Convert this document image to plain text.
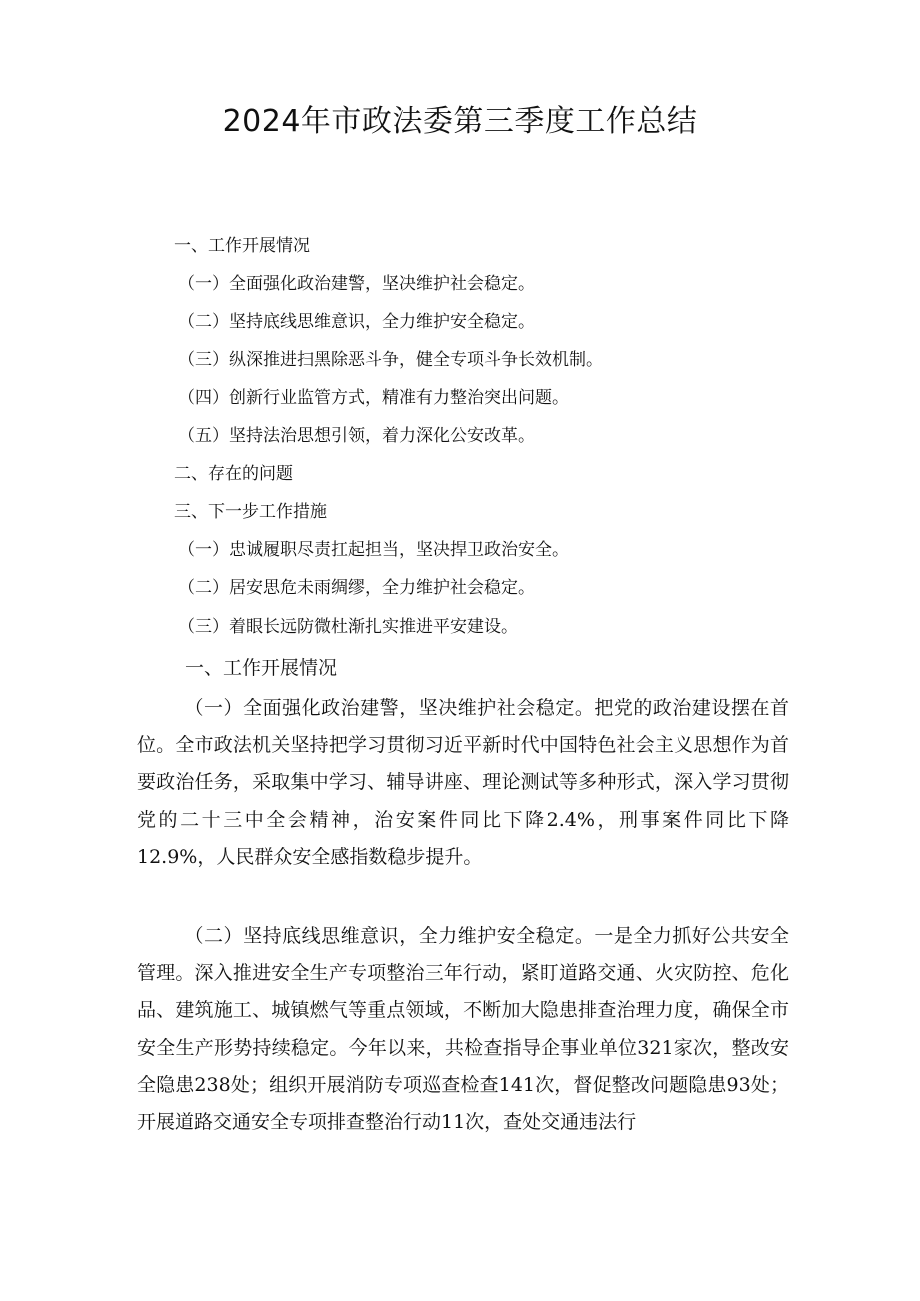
2024年市政法委第三季度工作总结
一、工作开展情况
（一）全面强化政治建警，坚决维护社会稳定。
（二）坚持底线思维意识，全力维护安全稳定。
（三）纵深推进扫黑除恶斗争，健全专项斗争长效机制。
（四）创新行业监管方式，精准有力整治突出问题。
（五）坚持法治思想引领，着力深化公安改革。
二、存在的问题
三、下一步工作措施
（一）忠诚履职尽责扛起担当，坚决捍卫政治安全。
（二）居安思危未雨绸缪，全力维护社会稳定。
（三）着眼长远防微杜渐扎实推进平安建设。
一、工作开展情况

（一）全面强化政治建警，坚决维护社会稳定。把党的政治建设摆在首位。全市政法机关坚持把学习贯彻习近平新时代中国特色社会主义思想作为首要政治任务，采取集中学习、辅导讲座、理论测试等多种形式，深入学习贯彻党的二十三中全会精神，治安案件同比下降2.4%，刑事案件同比下降12.9%，人民群众安全感指数稳步提升。

（二）坚持底线思维意识，全力维护安全稳定。一是全力抓好公共安全管理。深入推进安全生产专项整治三年行动，紧盯道路交通、火灾防控、危化品、建筑施工、城镇燃气等重点领域，不断加大隐患排查治理力度，确保全市安全生产形势持续稳定。今年以来，共检查指导企事业单位321家次，整改安全隐患238处；组织开展消防专项巡查检查141次，督促整改问题隐患93处；开展道路交通安全专项排查整治行动11次，查处交通违法行
